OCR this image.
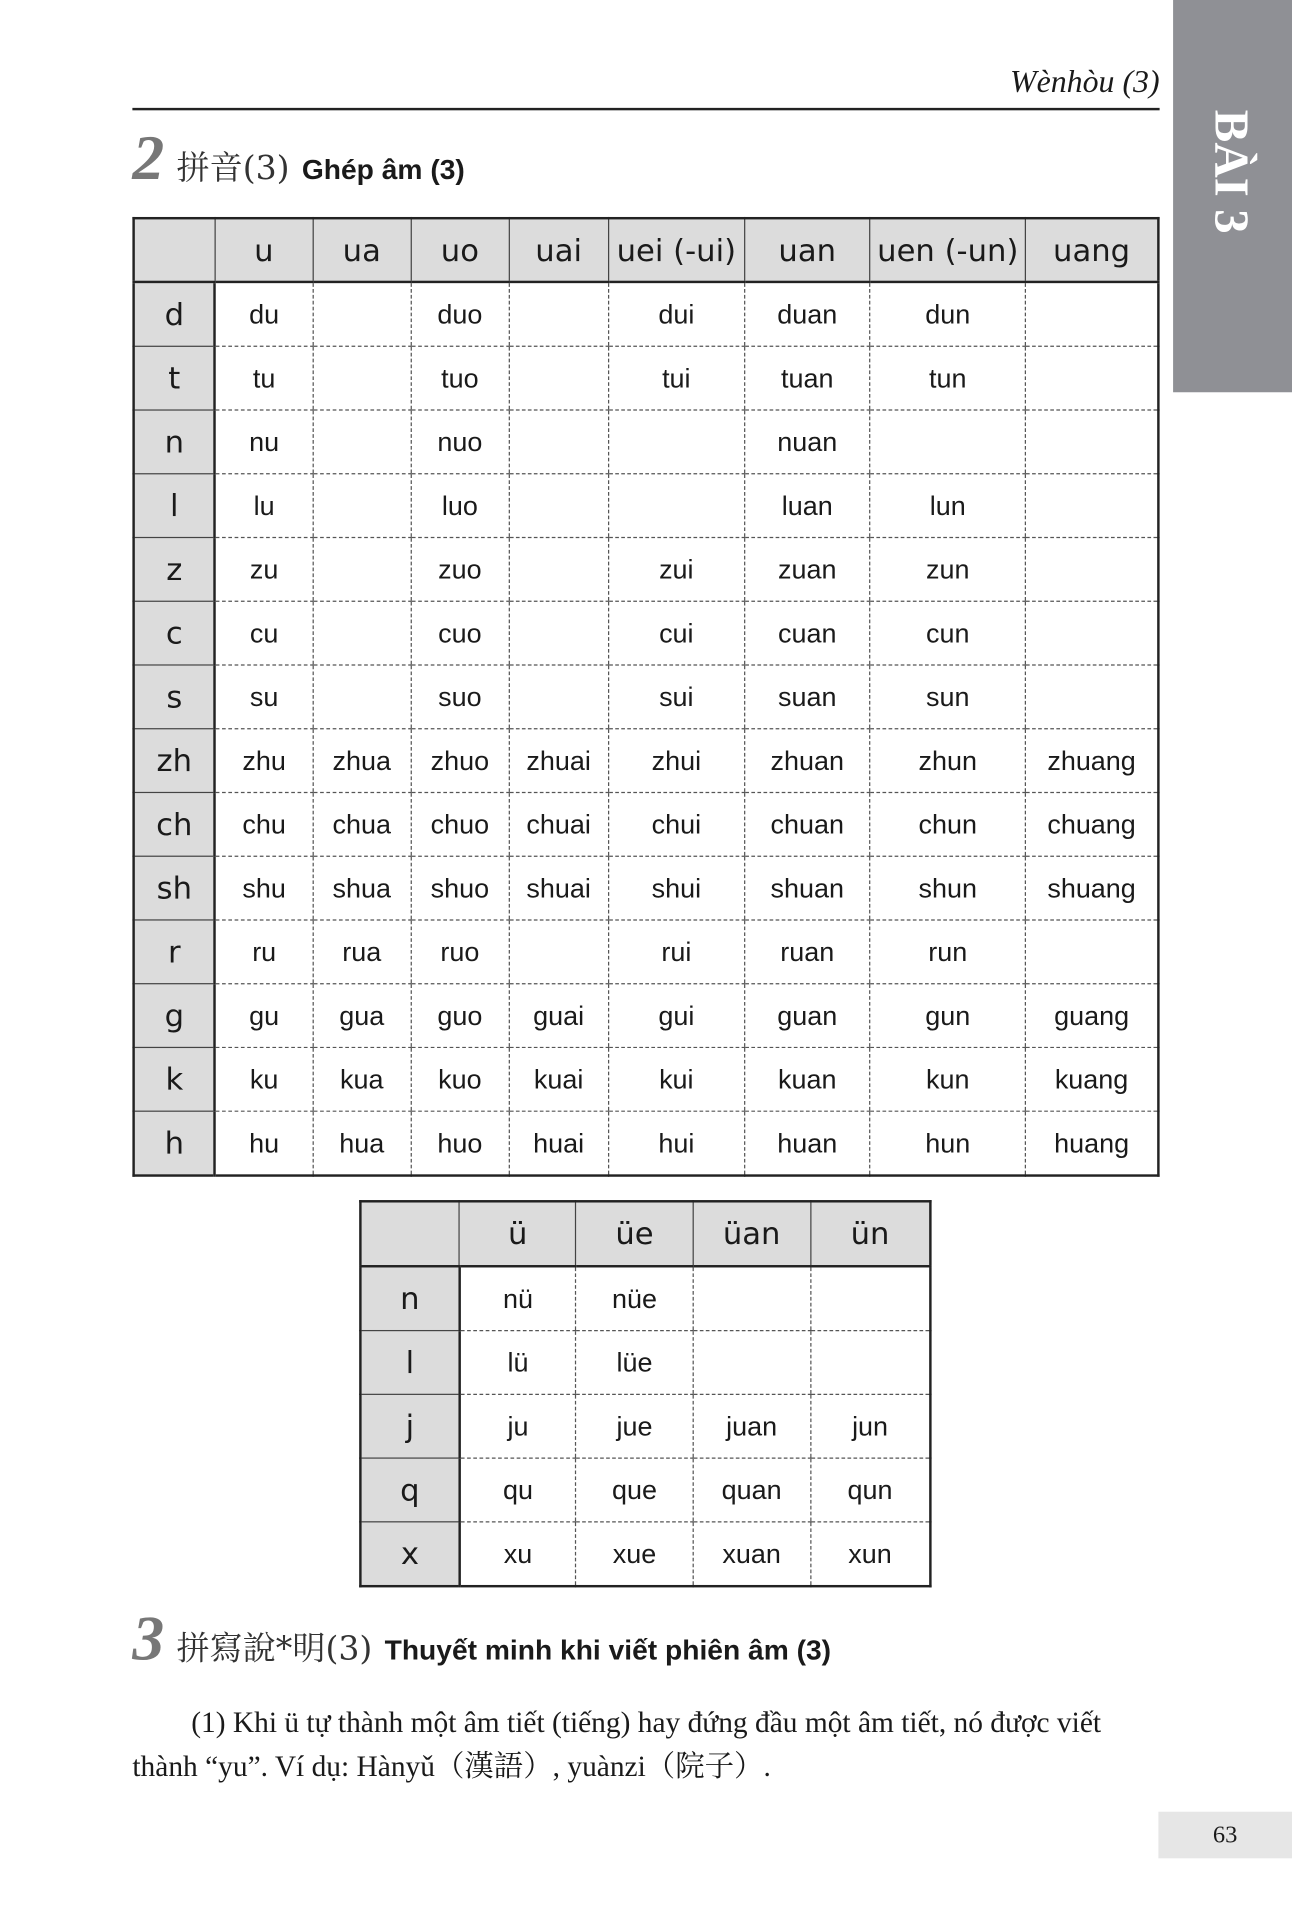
Wènhòu (3)
BÀI 3
2 拼音(3) Ghép âm (3)
	u	ua	uo	uai	uei (-ui)	uan	uen (-un)	uang
d	du		duo		dui	duan	dun	
t	tu		tuo		tui	tuan	tun	
n	nu		nuo			nuan		
l	lu		luo			luan	lun	
z	zu		zuo		zui	zuan	zun	
c	cu		cuo		cui	cuan	cun	
s	su		suo		sui	suan	sun	
zh	zhu	zhua	zhuo	zhuai	zhui	zhuan	zhun	zhuang
ch	chu	chua	chuo	chuai	chui	chuan	chun	chuang
sh	shu	shua	shuo	shuai	shui	shuan	shun	shuang
r	ru	rua	ruo		rui	ruan	run	
g	gu	gua	guo	guai	gui	guan	gun	guang
k	ku	kua	kuo	kuai	kui	kuan	kun	kuang
h	hu	hua	huo	huai	hui	huan	hun	huang
	ü	üe	üan	ün
n	nü	nüe		
l	lü	lüe		
j	ju	jue	juan	jun
q	qu	que	quan	qun
x	xu	xue	xuan	xun
3 拼寫說*明(3) Thuyết minh khi viết phiên âm (3)
(1) Khi ü tự thành một âm tiết (tiếng) hay đứng đầu một âm tiết, nó được viết thành “yu”. Ví dụ: Hànyǔ（漢語）, yuànzi（院子）.
63
